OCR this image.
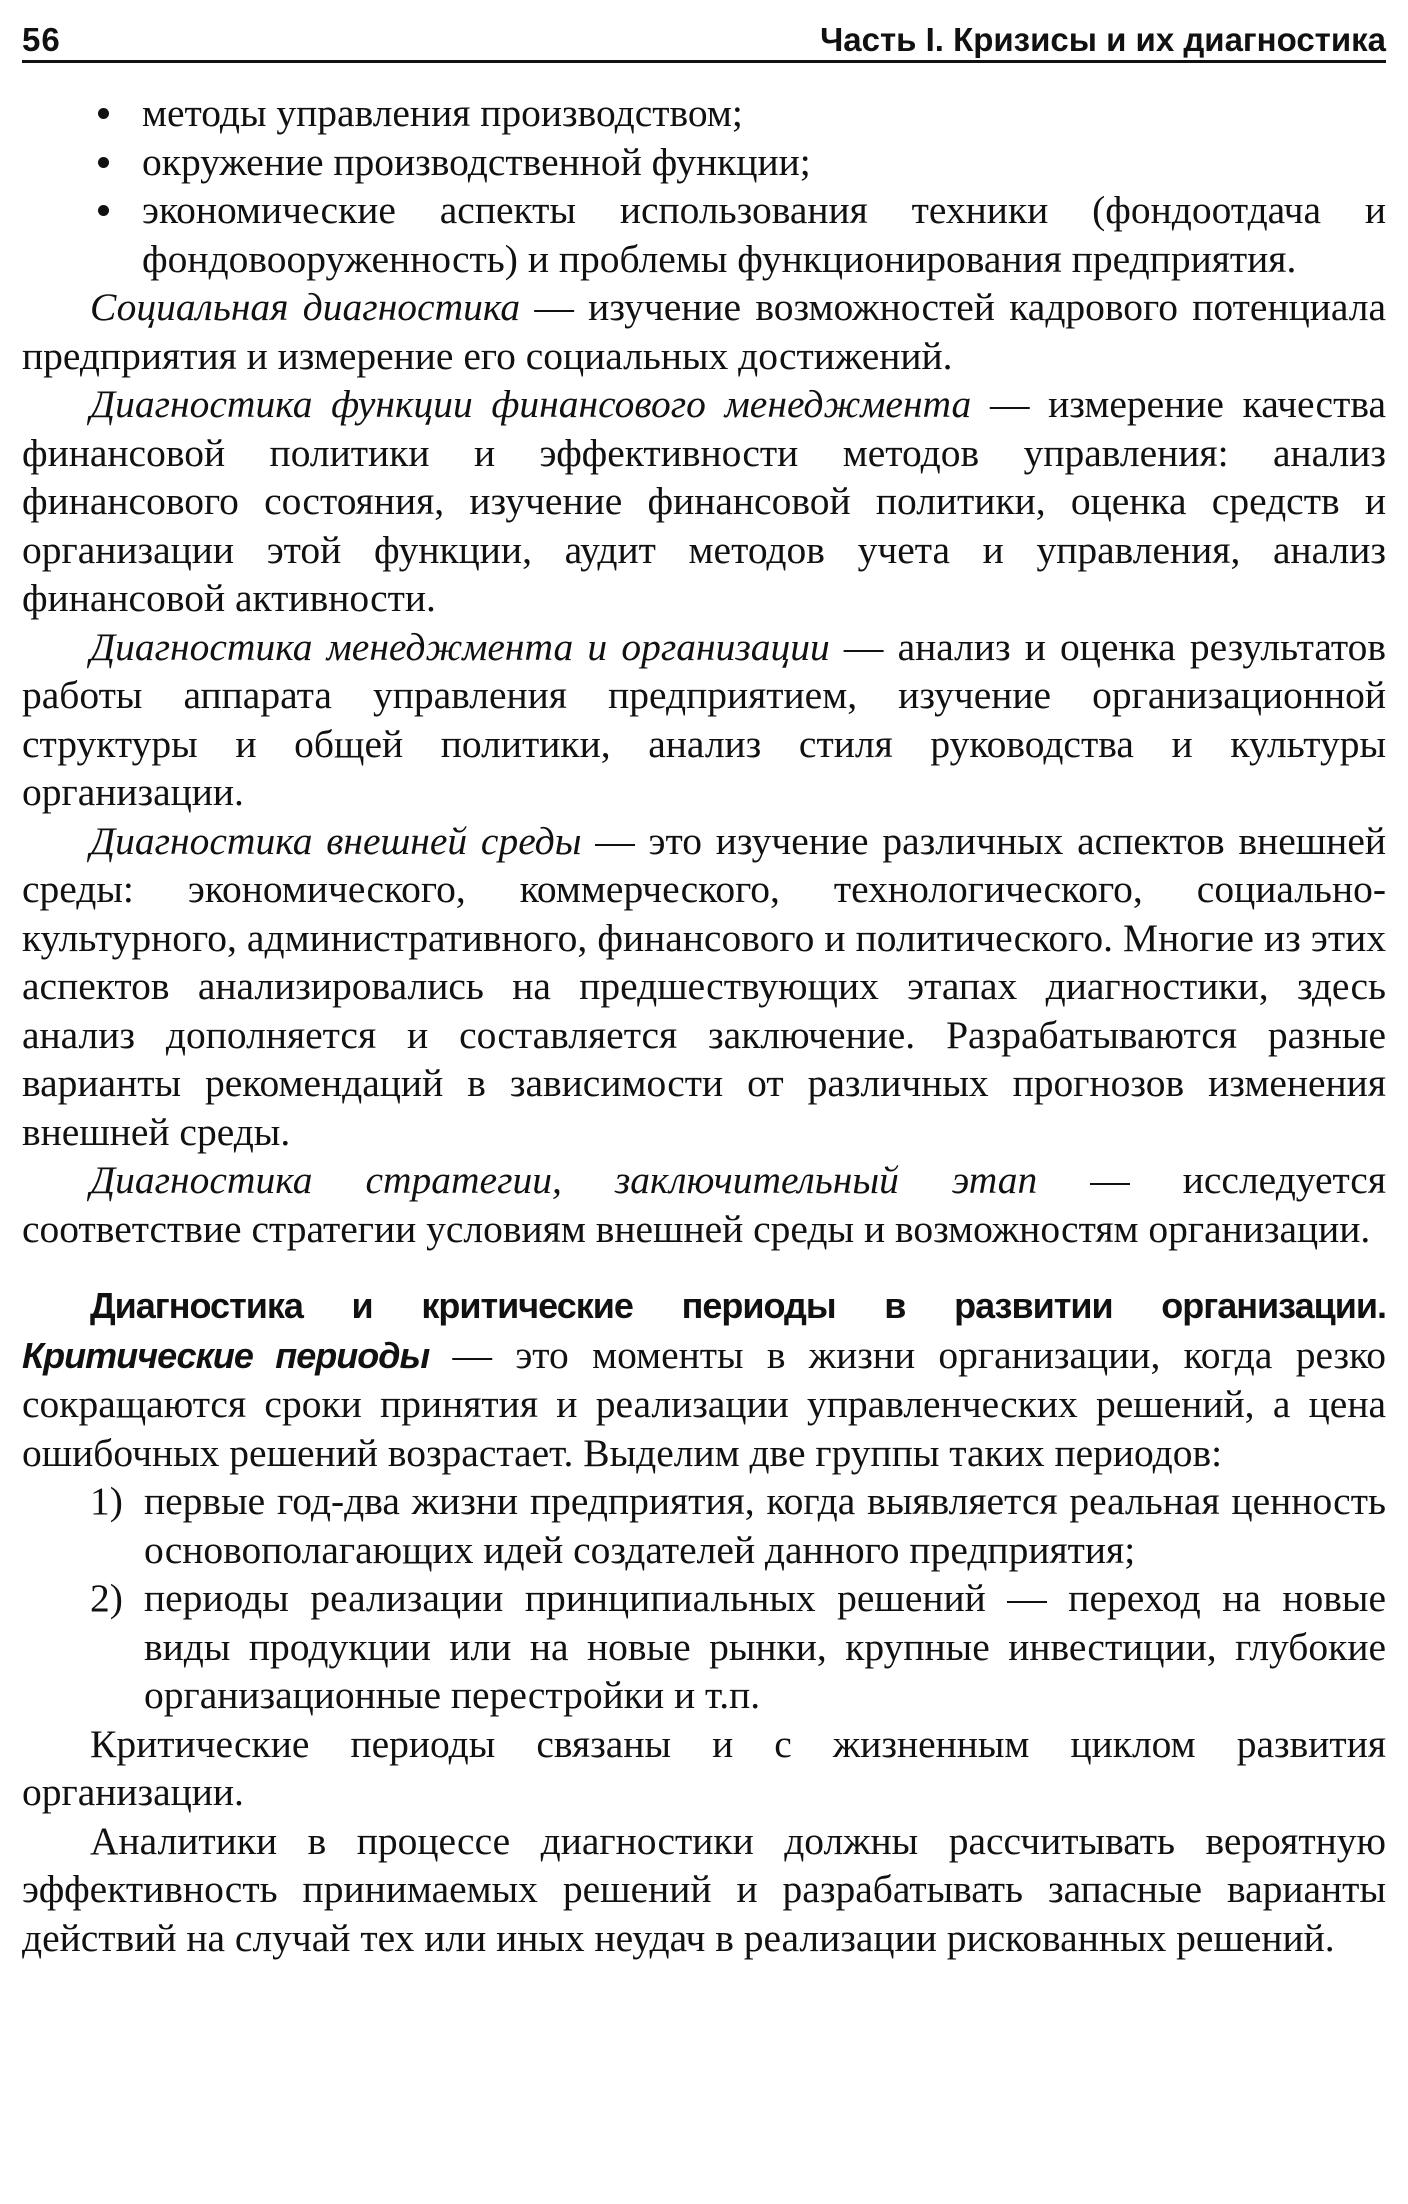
56	Часть I. Кризисы и их диагностика
методы управления производством;
окружение производственной функции;
экономические аспекты использования техники (фондоотдача и фондовооруженность) и проблемы функционирования предприятия.

Социальная диагностика — изучение возможностей кадрового потенциала предприятия и измерение его социальных достижений.

Диагностика функции финансового менеджмента — измерение качества финансовой политики и эффективности методов управления: анализ финансового состояния, изучение финансовой политики, оценка средств и организации этой функции, аудит методов учета и управления, анализ финансовой активности.

Диагностика менеджмента и организации — анализ и оценка результатов работы аппарата управления предприятием, изучение организационной структуры и общей политики, анализ стиля руководства и культуры организации.

Диагностика внешней среды — это изучение различных аспектов внешней среды: экономического, коммерческого, технологического, социально-культурного, административного, финансового и политического. Многие из этих аспектов анализировались на предшествующих этапах диагностики, здесь анализ дополняется и составляется заключение. Разрабатываются разные варианты рекомендаций в зависимости от различных прогнозов изменения внешней среды.

Диагностика стратегии, заключительный этап — исследуется соответствие стратегии условиям внешней среды и возможностям организации.

Диагностика и критические периоды в развитии организации. Критические периоды — это моменты в жизни организации, когда резко сокращаются сроки принятия и реализации управленческих решений, а цена ошибочных решений возрастает. Выделим две группы таких периодов:

1) первые год-два жизни предприятия, когда выявляется реальная ценность основополагающих идей создателей данного предприятия;
2) периоды реализации принципиальных решений — переход на новые виды продукции или на новые рынки, крупные инвестиции, глубокие организационные перестройки и т.п.

Критические периоды связаны и с жизненным циклом развития организации.

Аналитики в процессе диагностики должны рассчитывать вероятную эффективность принимаемых решений и разрабатывать запасные варианты действий на случай тех или иных неудач в реализации рискованных решений.
